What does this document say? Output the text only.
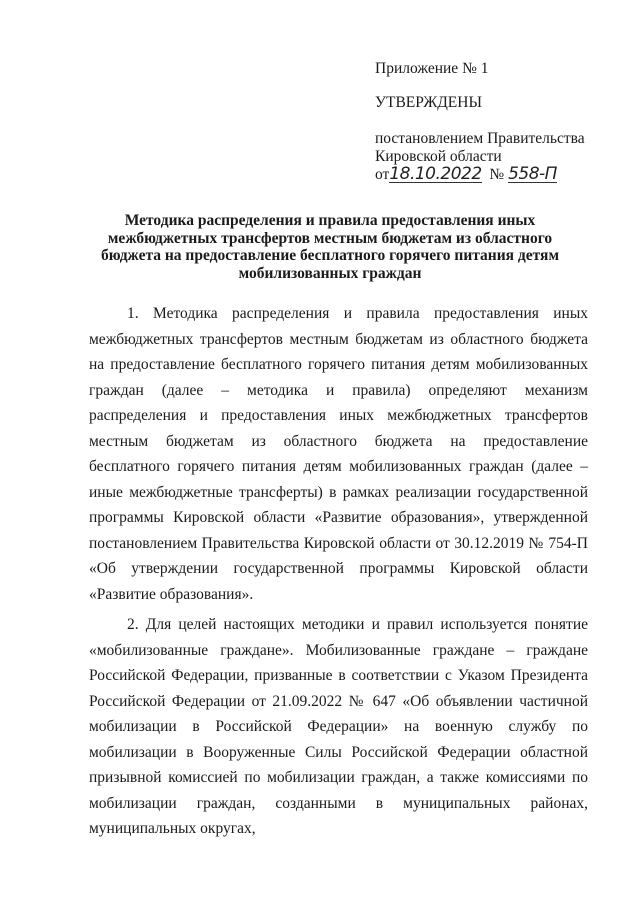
Приложение № 1
УТВЕРЖДЕНЫ
постановлением Правительства
Кировской области
от18.10.2022 № 558-П
Методика распределения и правила предоставления иных межбюджетных трансфертов местным бюджетам из областного бюджета на предоставление бесплатного горячего питания детям мобилизованных граждан

1. Методика распределения и правила предоставления иных межбюджетных трансфертов местным бюджетам из областного бюджета на предоставление бесплатного горячего питания детям мобилизованных граждан (далее – методика и правила) определяют механизм распределения и предоставления иных межбюджетных трансфертов местным бюджетам из областного бюджета на предоставление бесплатного горячего питания детям мобилизованных граждан (далее – иные межбюджетные трансферты) в рамках реализации государственной программы Кировской области «Развитие образования», утвержденной постановлением Правительства Кировской области от 30.12.2019 № 754-П «Об утверждении государственной программы Кировской области «Развитие образования».

2. Для целей настоящих методики и правил используется понятие «мобилизованные граждане». Мобилизованные граждане – граждане Российской Федерации, призванные в соответствии с Указом Президента Российской Федерации от 21.09.2022 № 647 «Об объявлении частичной мобилизации в Российской Федерации» на военную службу по мобилизации в Вооруженные Силы Российской Федерации областной призывной комиссией по мобилизации граждан, а также комиссиями по мобилизации граждан, созданными в муниципальных районах, муниципальных округах,
